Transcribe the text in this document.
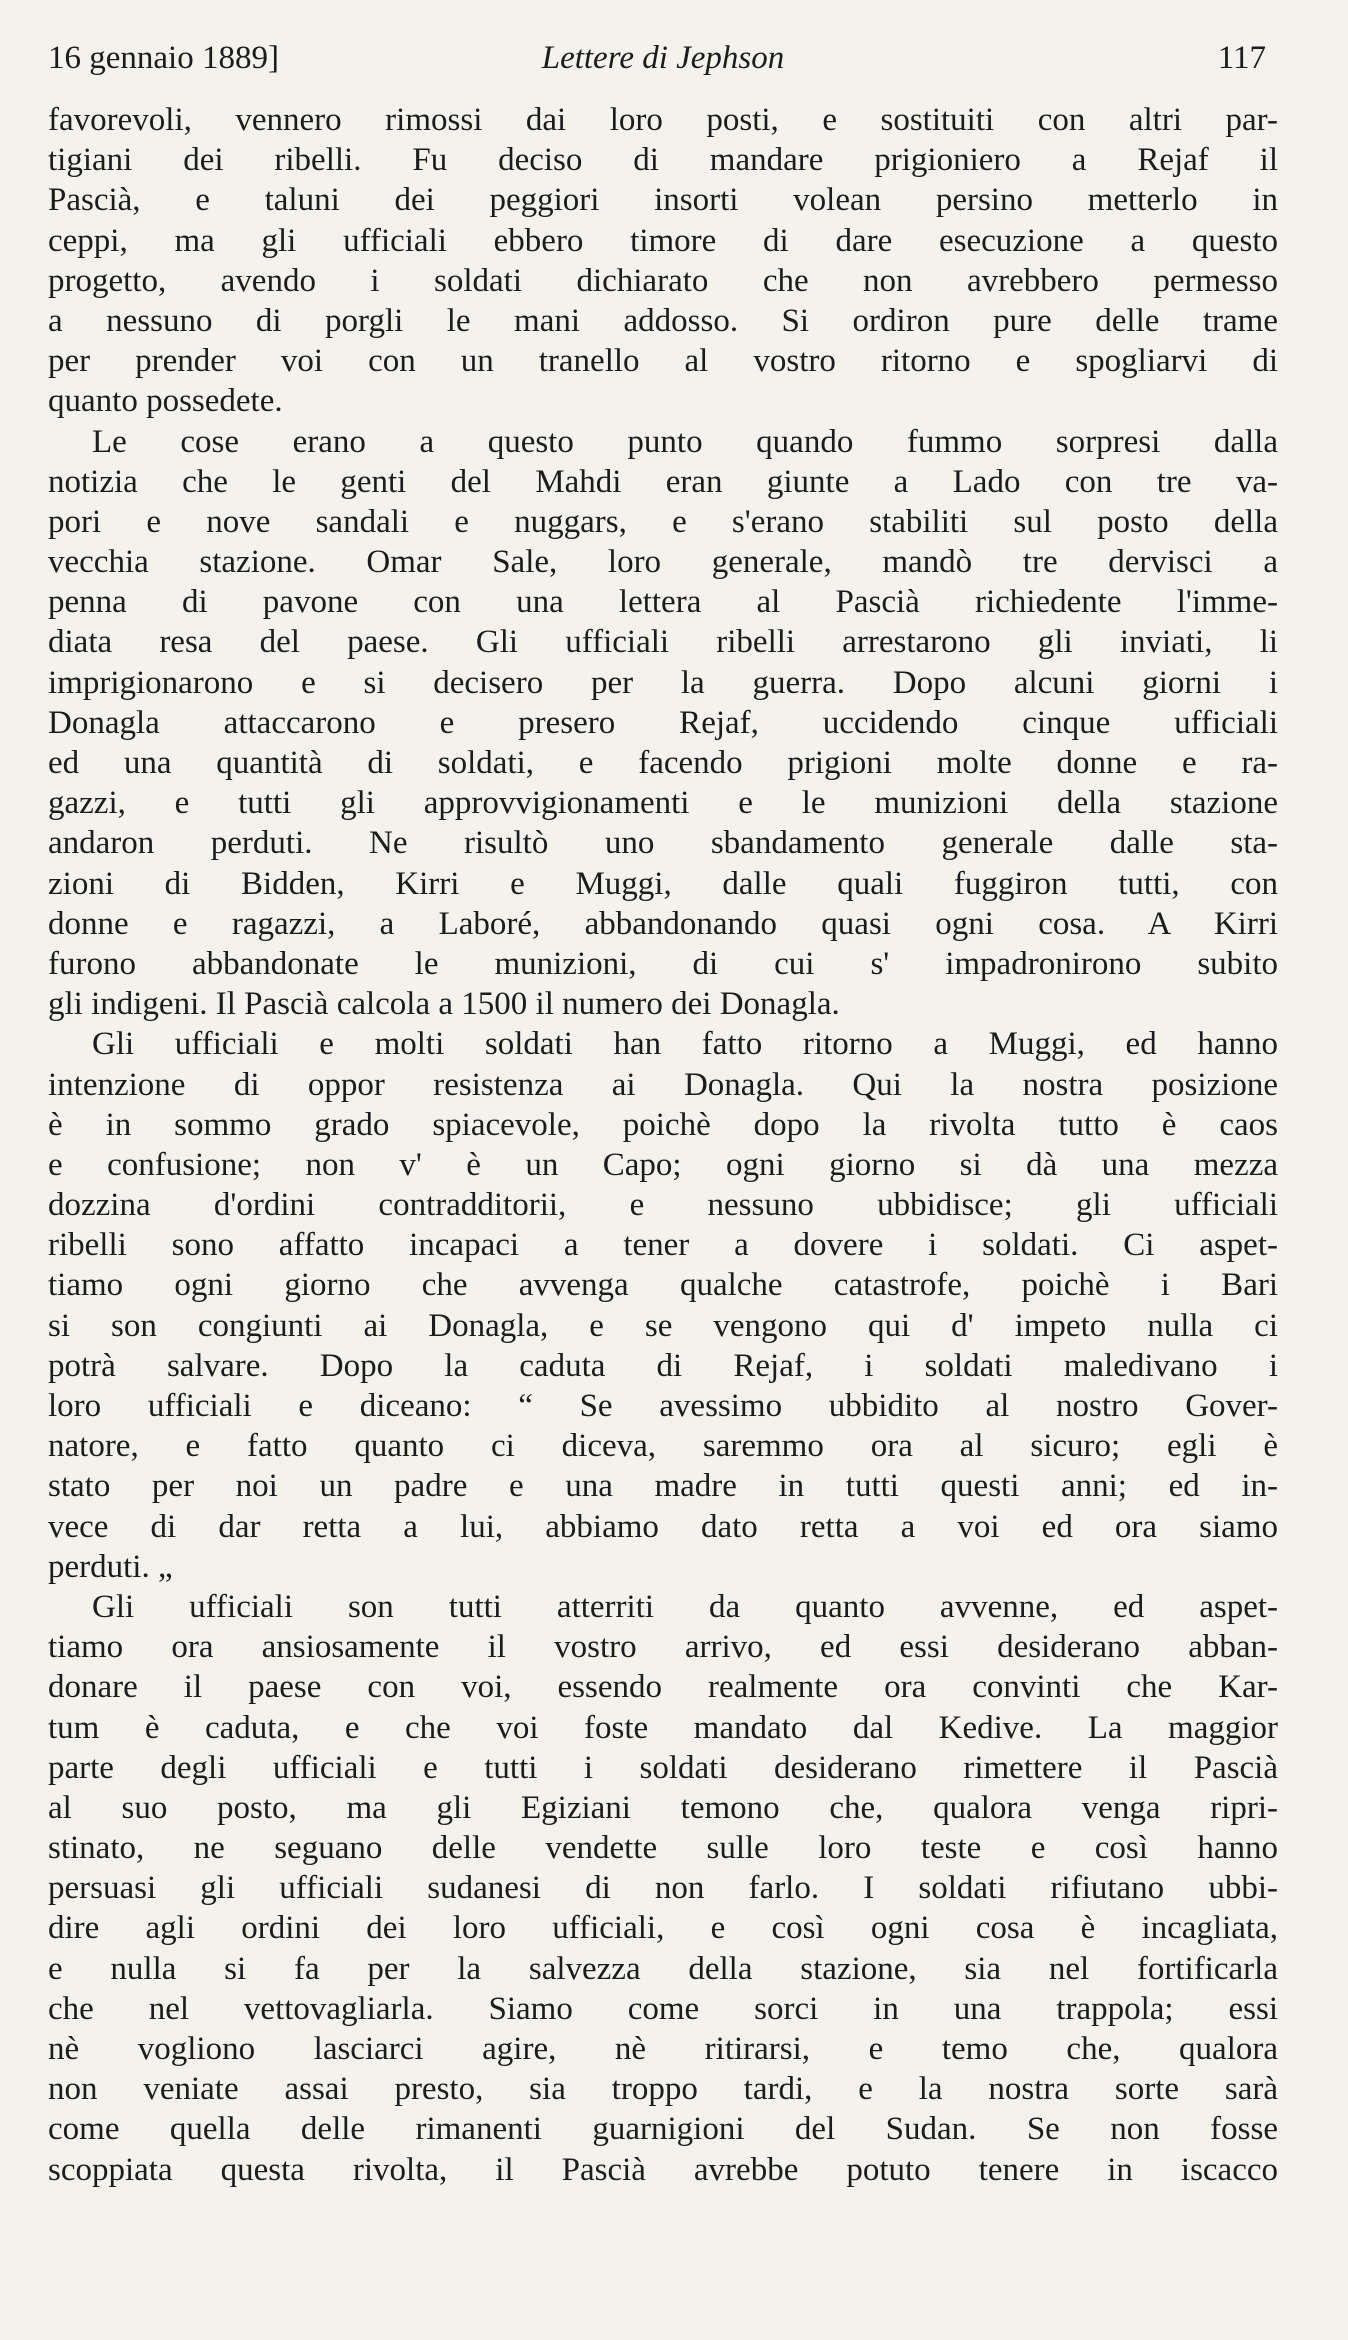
16 gennaio 1889]	Lettere di Jephson	117
favorevoli, vennero rimossi dai loro posti, e sostituiti con altri par-
tigiani dei ribelli. Fu deciso di mandare prigioniero a Rejaf il
Pascià, e taluni dei peggiori insorti volean persino metterlo in
ceppi, ma gli ufficiali ebbero timore di dare esecuzione a questo
progetto, avendo i soldati dichiarato che non avrebbero permesso
a nessuno di porgli le mani addosso. Si ordiron pure delle trame
per prender voi con un tranello al vostro ritorno e spogliarvi di
quanto possedete.
Le cose erano a questo punto quando fummo sorpresi dalla
notizia che le genti del Mahdi eran giunte a Lado con tre va-
pori e nove sandali e nuggars, e s'erano stabiliti sul posto della
vecchia stazione. Omar Sale, loro generale, mandò tre dervisci a
penna di pavone con una lettera al Pascià richiedente l'imme-
diata resa del paese. Gli ufficiali ribelli arrestarono gli inviati, li
imprigionarono e si decisero per la guerra. Dopo alcuni giorni i
Donagla attaccarono e presero Rejaf, uccidendo cinque ufficiali
ed una quantità di soldati, e facendo prigioni molte donne e ra-
gazzi, e tutti gli approvvigionamenti e le munizioni della stazione
andaron perduti. Ne risultò uno sbandamento generale dalle sta-
zioni di Bidden, Kirri e Muggi, dalle quali fuggiron tutti, con
donne e ragazzi, a Laboré, abbandonando quasi ogni cosa. A Kirri
furono abbandonate le munizioni, di cui s' impadronirono subito
gli indigeni. Il Pascià calcola a 1500 il numero dei Donagla.
Gli ufficiali e molti soldati han fatto ritorno a Muggi, ed hanno
intenzione di oppor resistenza ai Donagla. Qui la nostra posizione
è in sommo grado spiacevole, poichè dopo la rivolta tutto è caos
e confusione; non v' è un Capo; ogni giorno si dà una mezza
dozzina d'ordini contradditorii, e nessuno ubbidisce; gli ufficiali
ribelli sono affatto incapaci a tener a dovere i soldati. Ci aspet-
tiamo ogni giorno che avvenga qualche catastrofe, poichè i Bari
si son congiunti ai Donagla, e se vengono qui d' impeto nulla ci
potrà salvare. Dopo la caduta di Rejaf, i soldati maledivano i
loro ufficiali e diceano: “ Se avessimo ubbidito al nostro Gover-
natore, e fatto quanto ci diceva, saremmo ora al sicuro; egli è
stato per noi un padre e una madre in tutti questi anni; ed in-
vece di dar retta a lui, abbiamo dato retta a voi ed ora siamo
perduti. „
Gli ufficiali son tutti atterriti da quanto avvenne, ed aspet-
tiamo ora ansiosamente il vostro arrivo, ed essi desiderano abban-
donare il paese con voi, essendo realmente ora convinti che Kar-
tum è caduta, e che voi foste mandato dal Kedive. La maggior
parte degli ufficiali e tutti i soldati desiderano rimettere il Pascià
al suo posto, ma gli Egiziani temono che, qualora venga ripri-
stinato, ne seguano delle vendette sulle loro teste e così hanno
persuasi gli ufficiali sudanesi di non farlo. I soldati rifiutano ubbi-
dire agli ordini dei loro ufficiali, e così ogni cosa è incagliata,
e nulla si fa per la salvezza della stazione, sia nel fortificarla
che nel vettovagliarla. Siamo come sorci in una trappola; essi
nè vogliono lasciarci agire, nè ritirarsi, e temo che, qualora
non veniate assai presto, sia troppo tardi, e la nostra sorte sarà
come quella delle rimanenti guarnigioni del Sudan. Se non fosse
scoppiata questa rivolta, il Pascià avrebbe potuto tenere in iscacco
